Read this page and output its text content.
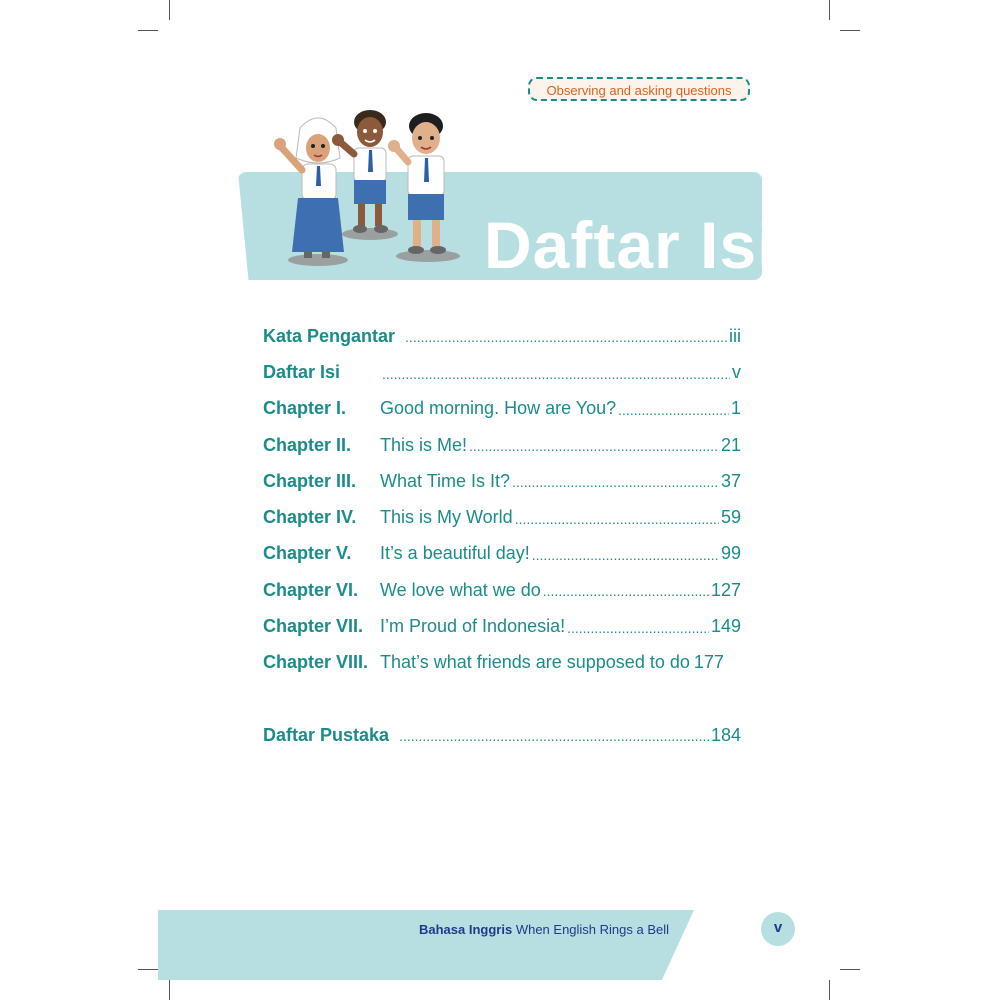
Observing and asking questions
Daftar Isi
Kata Pengantar .....	iii
Daftar Isi .....	v
Chapter I.	Good morning. How are You? .....	1
Chapter II.	This is Me! .....	21
Chapter III.	What Time Is It? .....	37
Chapter IV.	This is My World .....	59
Chapter V.	It’s a beautiful day! .....	99
Chapter VI.	We love what we do .....	127
Chapter VII. I’m Proud of Indonesia! .....	149
Chapter VIII. That’s what friends are supposed to do 177
Daftar Pustaka .....	184
Bahasa Inggris When English Rings a Bell	v
